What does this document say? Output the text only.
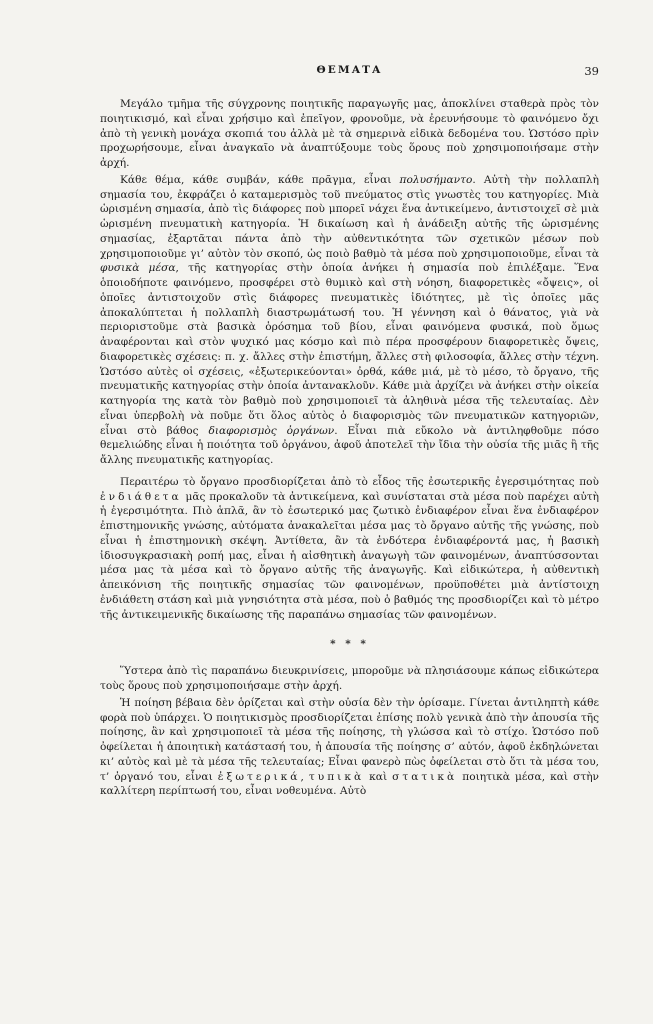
ΘΕΜΑΤΑ	39

Μεγάλο τμῆμα τῆς σύγχρονης ποιητικῆς παραγωγῆς μας, ἀποκλίνει σταθερὰ πρὸς τὸν ποιητικισμό, καὶ εἶναι χρήσιμο καὶ ἐπεῖγον, φρονοῦμε, νὰ ἐρευνήσουμε τὸ φαινόμενο ὄχι ἀπὸ τὴ γενικὴ μονάχα σκοπιά του ἀλλὰ μὲ τὰ σημερινὰ εἰδικὰ δεδομένα του. Ὡστόσο πρὶν προχωρήσουμε, εἶναι ἀναγκαῖο νὰ ἀναπτύξουμε τοὺς ὅρους ποὺ χρησιμοποιήσαμε στὴν ἀρχή.

Κάθε θέμα, κάθε συμβάν, κάθε πρᾶγμα, εἶναι πολυσήμαντο. Αὐτὴ τὴν πολλαπλὴ σημασία του, ἐκφράζει ὁ καταμερισμὸς τοῦ πνεύματος στὶς γνωστὲς του κατηγορίες. Μιὰ ὡρισμένη σημασία, ἀπὸ τὶς διάφορες ποὺ μπορεῖ νάχει ἕνα ἀντικείμενο, ἀντιστοιχεῖ σὲ μιὰ ὡρισμένη πνευματικὴ κατηγορία. Ἡ δικαίωση καὶ ἡ ἀνάδειξη αὐτῆς τῆς ὡρισμένης σημασίας, ἐξαρτᾶται πάντα ἀπὸ τὴν αὐθεντικότητα τῶν σχετικῶν μέσων ποὺ χρησιμοποιοῦμε γι’ αὐτὸν τὸν σκοπό, ὡς ποιὸ βαθμὸ τὰ μέσα ποὺ χρησιμοποιοῦμε, εἶναι τὰ φυσικὰ μέσα, τῆς κατηγορίας στὴν ὁποία ἀνήκει ἡ σημασία ποὺ ἐπιλέξαμε. Ἕνα ὁποιοδήποτε φαινόμενο, προσφέρει στὸ θυμικὸ καὶ στὴ νόηση, διαφορετικὲς «ὄψεις», οἱ ὁποῖες ἀντιστοιχοῦν στὶς διάφορες πνευματικὲς ἰδιότητες, μὲ τὶς ὁποῖες μᾶς ἀποκαλύπτεται ἡ πολλαπλὴ διαστρωμάτωσή του. Ἡ γέννηση καὶ ὁ θάνατος, γιὰ νὰ περιοριστοῦμε στὰ βασικὰ ὁρόσημα τοῦ βίου, εἶναι φαινόμενα φυσικά, ποὺ ὅμως ἀναφέρονται καὶ στὸν ψυχικό μας κόσμο καὶ πιὸ πέρα προσφέρουν διαφορετικὲς ὄψεις, διαφορετικὲς σχέσεις: π. χ. ἄλλες στὴν ἐπιστήμη, ἄλλες στὴ φιλοσοφία, ἄλλες στὴν τέχνη. Ὡστόσο αὐτὲς οἱ σχέσεις, «ἐξωτερικεύονται» ὀρθά, κάθε μιά, μὲ τὸ μέσο, τὸ ὄργανο, τῆς πνευματικῆς κατηγορίας στὴν ὁποία ἀντανακλοῦν. Κάθε μιὰ ἀρχίζει νὰ ἀνήκει στὴν οἰκεία κατηγορία της κατὰ τὸν βαθμὸ ποὺ χρησιμοποιεῖ τὰ ἀληθινὰ μέσα τῆς τελευταίας. Δὲν εἶναι ὑπερβολὴ νὰ ποῦμε ὅτι ὅλος αὐτὸς ὁ διαφορισμὸς τῶν πνευματικῶν κατηγοριῶν, εἶναι στὸ βάθος διαφορισμὸς ὀργάνων. Εἶναι πιὰ εὔκολο νὰ ἀντιληφθοῦμε πόσο θεμελιώδης εἶναι ἡ ποιότητα τοῦ ὀργάνου, ἀφοῦ ἀποτελεῖ τὴν ἴδια τὴν οὐσία τῆς μιᾶς ἢ τῆς ἄλλης πνευματικῆς κατηγορίας.

Περαιτέρω τὸ ὄργανο προσδιορίζεται ἀπὸ τὸ εἶδος τῆς ἐσωτερικῆς ἐγερσιμότητας ποὺ ἐνδιάθετα μᾶς προκαλοῦν τὰ ἀντικείμενα, καὶ συνίσταται στὰ μέσα ποὺ παρέχει αὐτὴ ἡ ἐγερσιμότητα. Πιὸ ἁπλᾶ, ἂν τὸ ἐσωτερικό μας ζωτικὸ ἐνδιαφέρον εἶναι ἕνα ἐνδιαφέρον ἐπιστημονικῆς γνώσης, αὐτόματα ἀνακαλεῖται μέσα μας τὸ ὄργανο αὐτῆς τῆς γνώσης, ποὺ εἶναι ἡ ἐπιστημονικὴ σκέψη. Ἀντίθετα, ἂν τὰ ἐνδότερα ἐνδιαφέροντά μας, ἡ βασικὴ ἰδιοσυγκρασιακὴ ροπή μας, εἶναι ἡ αἰσθητικὴ ἀναγωγὴ τῶν φαινομένων, ἀναπτύσσονται μέσα μας τὰ μέσα καὶ τὸ ὄργανο αὐτῆς τῆς ἀναγωγῆς. Καὶ εἰδικώτερα, ἡ αὐθεντικὴ ἀπεικόνιση τῆς ποιητικῆς σημασίας τῶν φαινομένων, προϋποθέτει μιὰ ἀντίστοιχη ἐνδιάθετη στάση καὶ μιὰ γνησιότητα στὰ μέσα, ποὺ ὁ βαθμός της προσδιορίζει καὶ τὸ μέτρο τῆς ἀντικειμενικῆς δικαίωσης τῆς παραπάνω σημασίας τῶν φαινομένων.

* * *

Ὕστερα ἀπὸ τὶς παραπάνω διευκρινίσεις, μποροῦμε νὰ πλησιάσουμε κάπως εἰδικώτερα τοὺς ὅρους ποὺ χρησιμοποιήσαμε στὴν ἀρχή.

Ἡ ποίηση βέβαια δὲν ὁρίζεται καὶ στὴν οὐσία δὲν τὴν ὁρίσαμε. Γίνεται ἀντιληπτὴ κάθε φορὰ ποὺ ὑπάρχει. Ὁ ποιητικισμὸς προσδιορίζεται ἐπίσης πολὺ γενικὰ ἀπὸ τὴν ἀπουσία τῆς ποίησης, ἂν καὶ χρησιμοποιεῖ τὰ μέσα τῆς ποίησης, τὴ γλώσσα καὶ τὸ στίχο. Ὡστόσο ποῦ ὀφείλεται ἡ ἀποιητικὴ κατάστασή του, ἡ ἀπουσία τῆς ποίησης σ’ αὐτόν, ἀφοῦ ἐκδηλώνεται κι’ αὐτὸς καὶ μὲ τὰ μέσα τῆς τελευταίας; Εἶναι φανερὸ πὼς ὀφείλεται στὸ ὅτι τὰ μέσα του, τ’ ὀργανό του, εἶναι ἐξωτερικά, τυπικὰ καὶ στατικὰ ποιητικὰ μέσα, καὶ στὴν καλλίτερη περίπτωσή του, εἶναι νοθευμένα. Αὐτὸ
